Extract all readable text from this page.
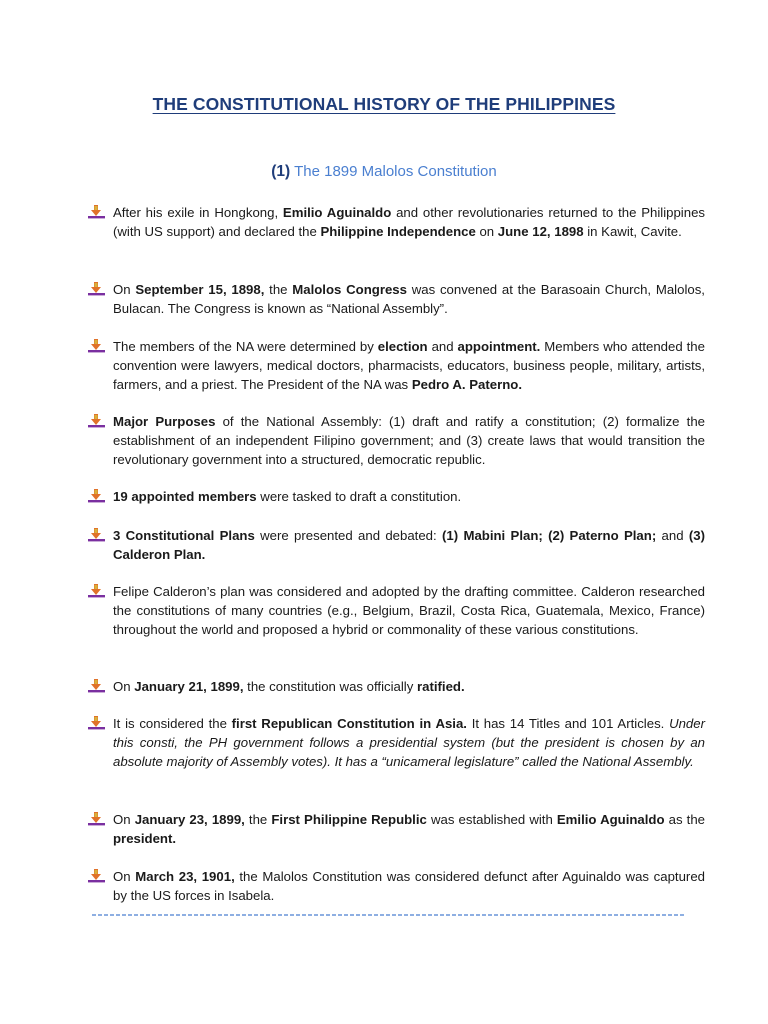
THE CONSTITUTIONAL HISTORY OF THE PHILIPPINES
(1) The 1899 Malolos Constitution
After his exile in Hongkong, Emilio Aguinaldo and other revolutionaries returned to the Philippines (with US support) and declared the Philippine Independence on June 12, 1898 in Kawit, Cavite.
On September 15, 1898, the Malolos Congress was convened at the Barasoain Church, Malolos, Bulacan. The Congress is known as “National Assembly”.
The members of the NA were determined by election and appointment. Members who attended the convention were lawyers, medical doctors, pharmacists, educators, business people, military, artists, farmers, and a priest. The President of the NA was Pedro A. Paterno.
Major Purposes of the National Assembly: (1) draft and ratify a constitution; (2) formalize the establishment of an independent Filipino government; and (3) create laws that would transition the revolutionary government into a structured, democratic republic.
19 appointed members were tasked to draft a constitution.
3 Constitutional Plans were presented and debated: (1) Mabini Plan; (2) Paterno Plan; and (3) Calderon Plan.
Felipe Calderon’s plan was considered and adopted by the drafting committee. Calderon researched the constitutions of many countries (e.g., Belgium, Brazil, Costa Rica, Guatemala, Mexico, France) throughout the world and proposed a hybrid or commonality of these various constitutions.
On January 21, 1899, the constitution was officially ratified.
It is considered the first Republican Constitution in Asia. It has 14 Titles and 101 Articles. Under this consti, the PH government follows a presidential system (but the president is chosen by an absolute majority of Assembly votes). It has a “unicameral legislature” called the National Assembly.
On January 23, 1899, the First Philippine Republic was established with Emilio Aguinaldo as the president.
On March 23, 1901, the Malolos Constitution was considered defunct after Aguinaldo was captured by the US forces in Isabela.
